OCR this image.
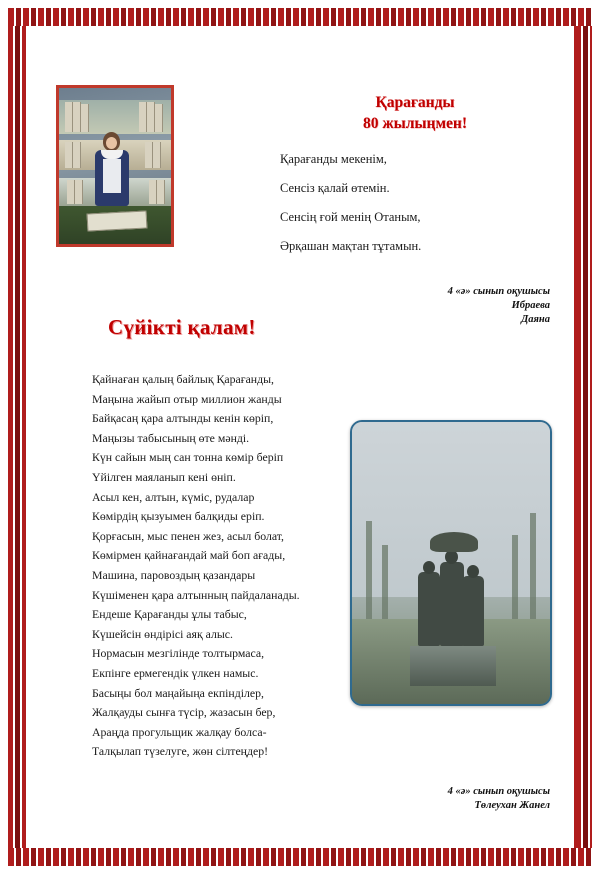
Қарағанды
80 жылыңмен!
Қарағанды мекенім,
Сенсіз қалай өтемін.
Сенсің ғой менің Отаным,
Әрқашан мақтан тұтамын.
4 «ә» сынып оқушысы
Ибраева
Даяна
Сүйікті қалам!
Қайнаған қалың байлық Қарағанды,
Маңына жайып отыр миллион жанды
Байқасаң қара алтынды кенін көріп,
Маңызы табысының өте мәнді.
Күн сайын мың сан тонна көмір беріп
Үйілген маяланып кені өніп.
Асыл кен, алтын, күміс, рудалар
Көмірдің қызуымен балқиды еріп.
Қорғасын, мыс пенен жез, асыл болат,
Көмірмен қайнағандай май боп ағады,
Машина, паровоздың қазандары
Күшіменен қара алтынның пайдаланады.
Ендеше Қарағанды ұлы табыс,
Күшейсін өндірісі аяқ алыс.
Нормасын мезгілінде толтырмаса,
Екпінге ермегендік үлкен намыс.
Басыңы бол маңайыңа екпінділер,
Жалқауды сынға түсір, жазасын бер,
Араңда прогульщик жалқау болса-
Талқылап түзелуге, жөн сілтеңдер!
4 «ә» сынып оқушысы
Төлеухан Жанел
